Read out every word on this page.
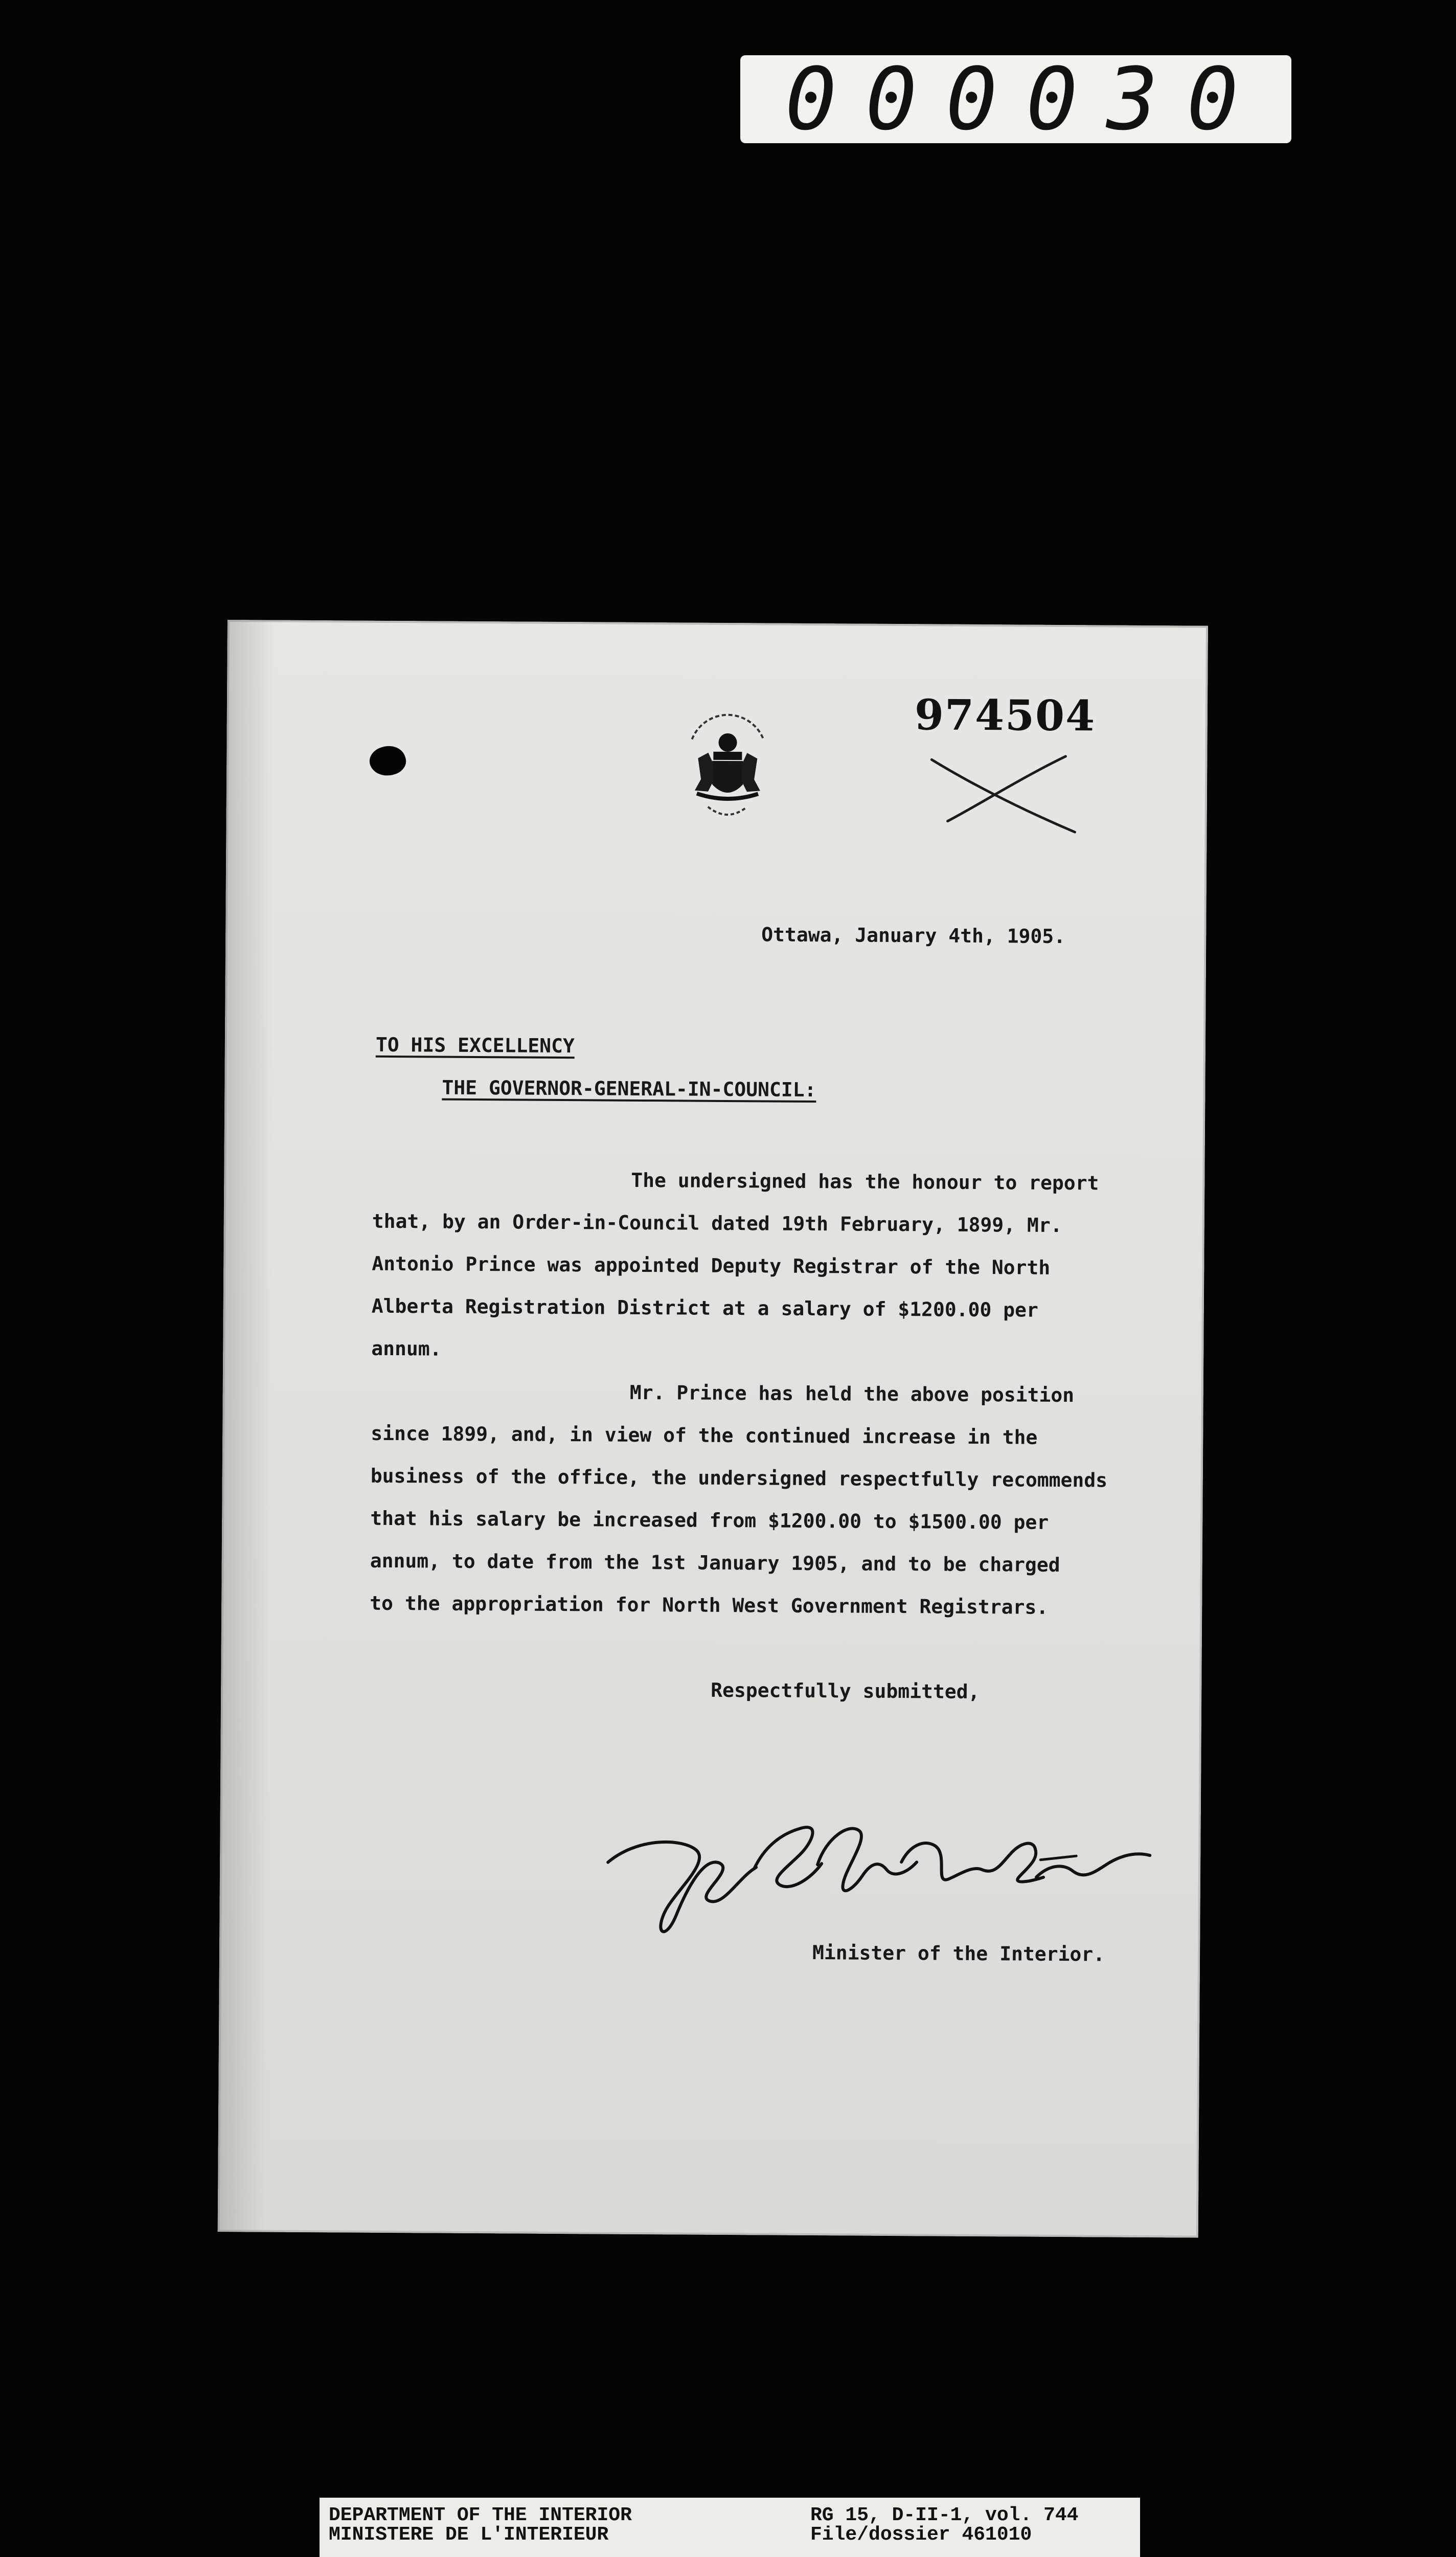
000030
974504
Ottawa, January 4th, 1905.
TO HIS EXCELLENCY
THE GOVERNOR-GENERAL-IN-COUNCIL:
The undersigned has the honour to report
that, by an Order-in-Council dated 19th February, 1899, Mr.
Antonio Prince was appointed Deputy Registrar of the North
Alberta Registration District at a salary of $1200.00 per
annum.
Mr. Prince has held the above position
since 1899, and, in view of the continued increase in the
business of the office, the undersigned respectfully recommends
that his salary be increased from $1200.00 to $1500.00 per
annum, to date from the 1st January 1905, and to be charged
to the appropriation for North West Government Registrars.
Respectfully submitted,
Minister of the Interior.
DEPARTMENT OF THE INTERIOR
MINISTERE DE L'INTERIEUR
RG 15, D-II-1, vol. 744
File/dossier 461010
